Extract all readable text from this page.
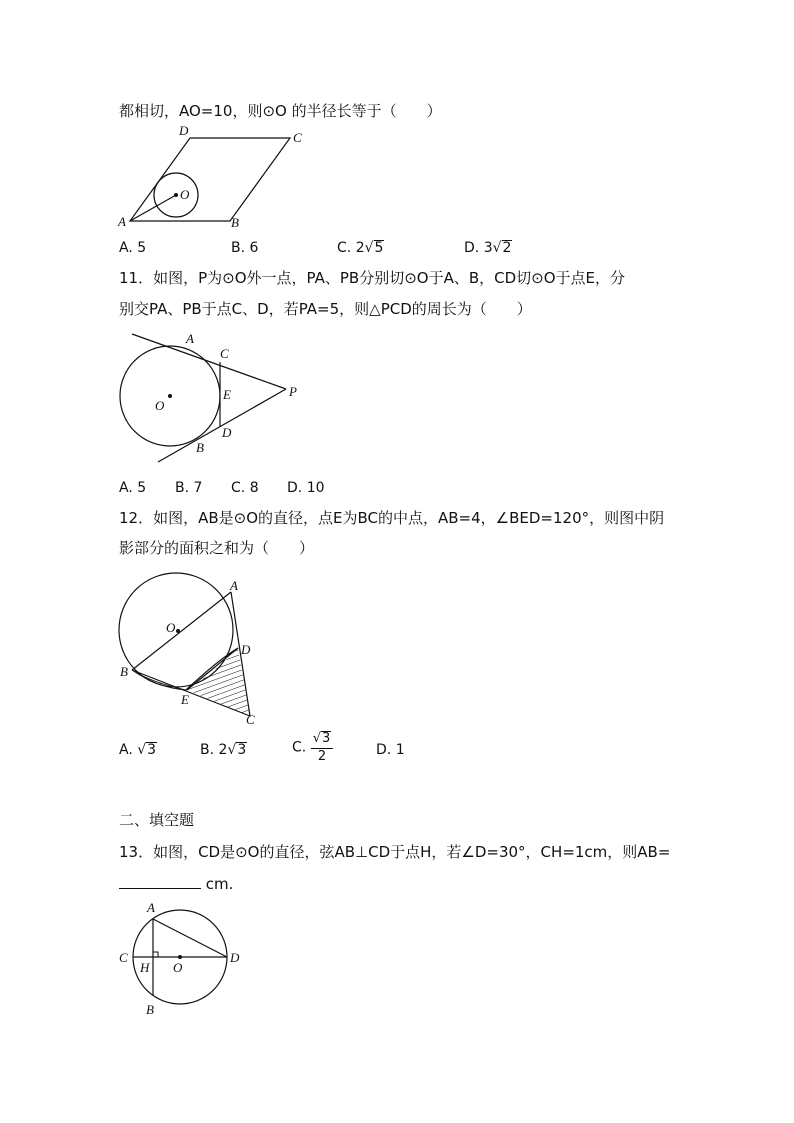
都相切，AO=10，则⊙O 的半径长等于（　　）
A	B
C
D
O
A. 5	B. 6	C. 2√5	D. 3√2
11．如图，P为⊙O外一点，PA、PB分别切⊙O于A、B，CD切⊙O于点E，分
别交PA、PB于点C、D，若PA=5，则△PCD的周长为（　　）
A
B
C
D
E
O
P
A. 5 B. 7 C. 8 D. 10
12．如图，AB是⊙O的直径，点E为BC的中点，AB=4，∠BED=120°，则图中阴
影部分的面积之和为（　　）
A
B
C
D
E
O
A. √3	B. 2√3	C. $\frac{√3}{2}$	D. 1
二、填空题
13．如图，CD是⊙O的直径，弦AB⊥CD于点H，若∠D=30°，CH=1cm，则AB=
cm.
A
B
C	D
H O
